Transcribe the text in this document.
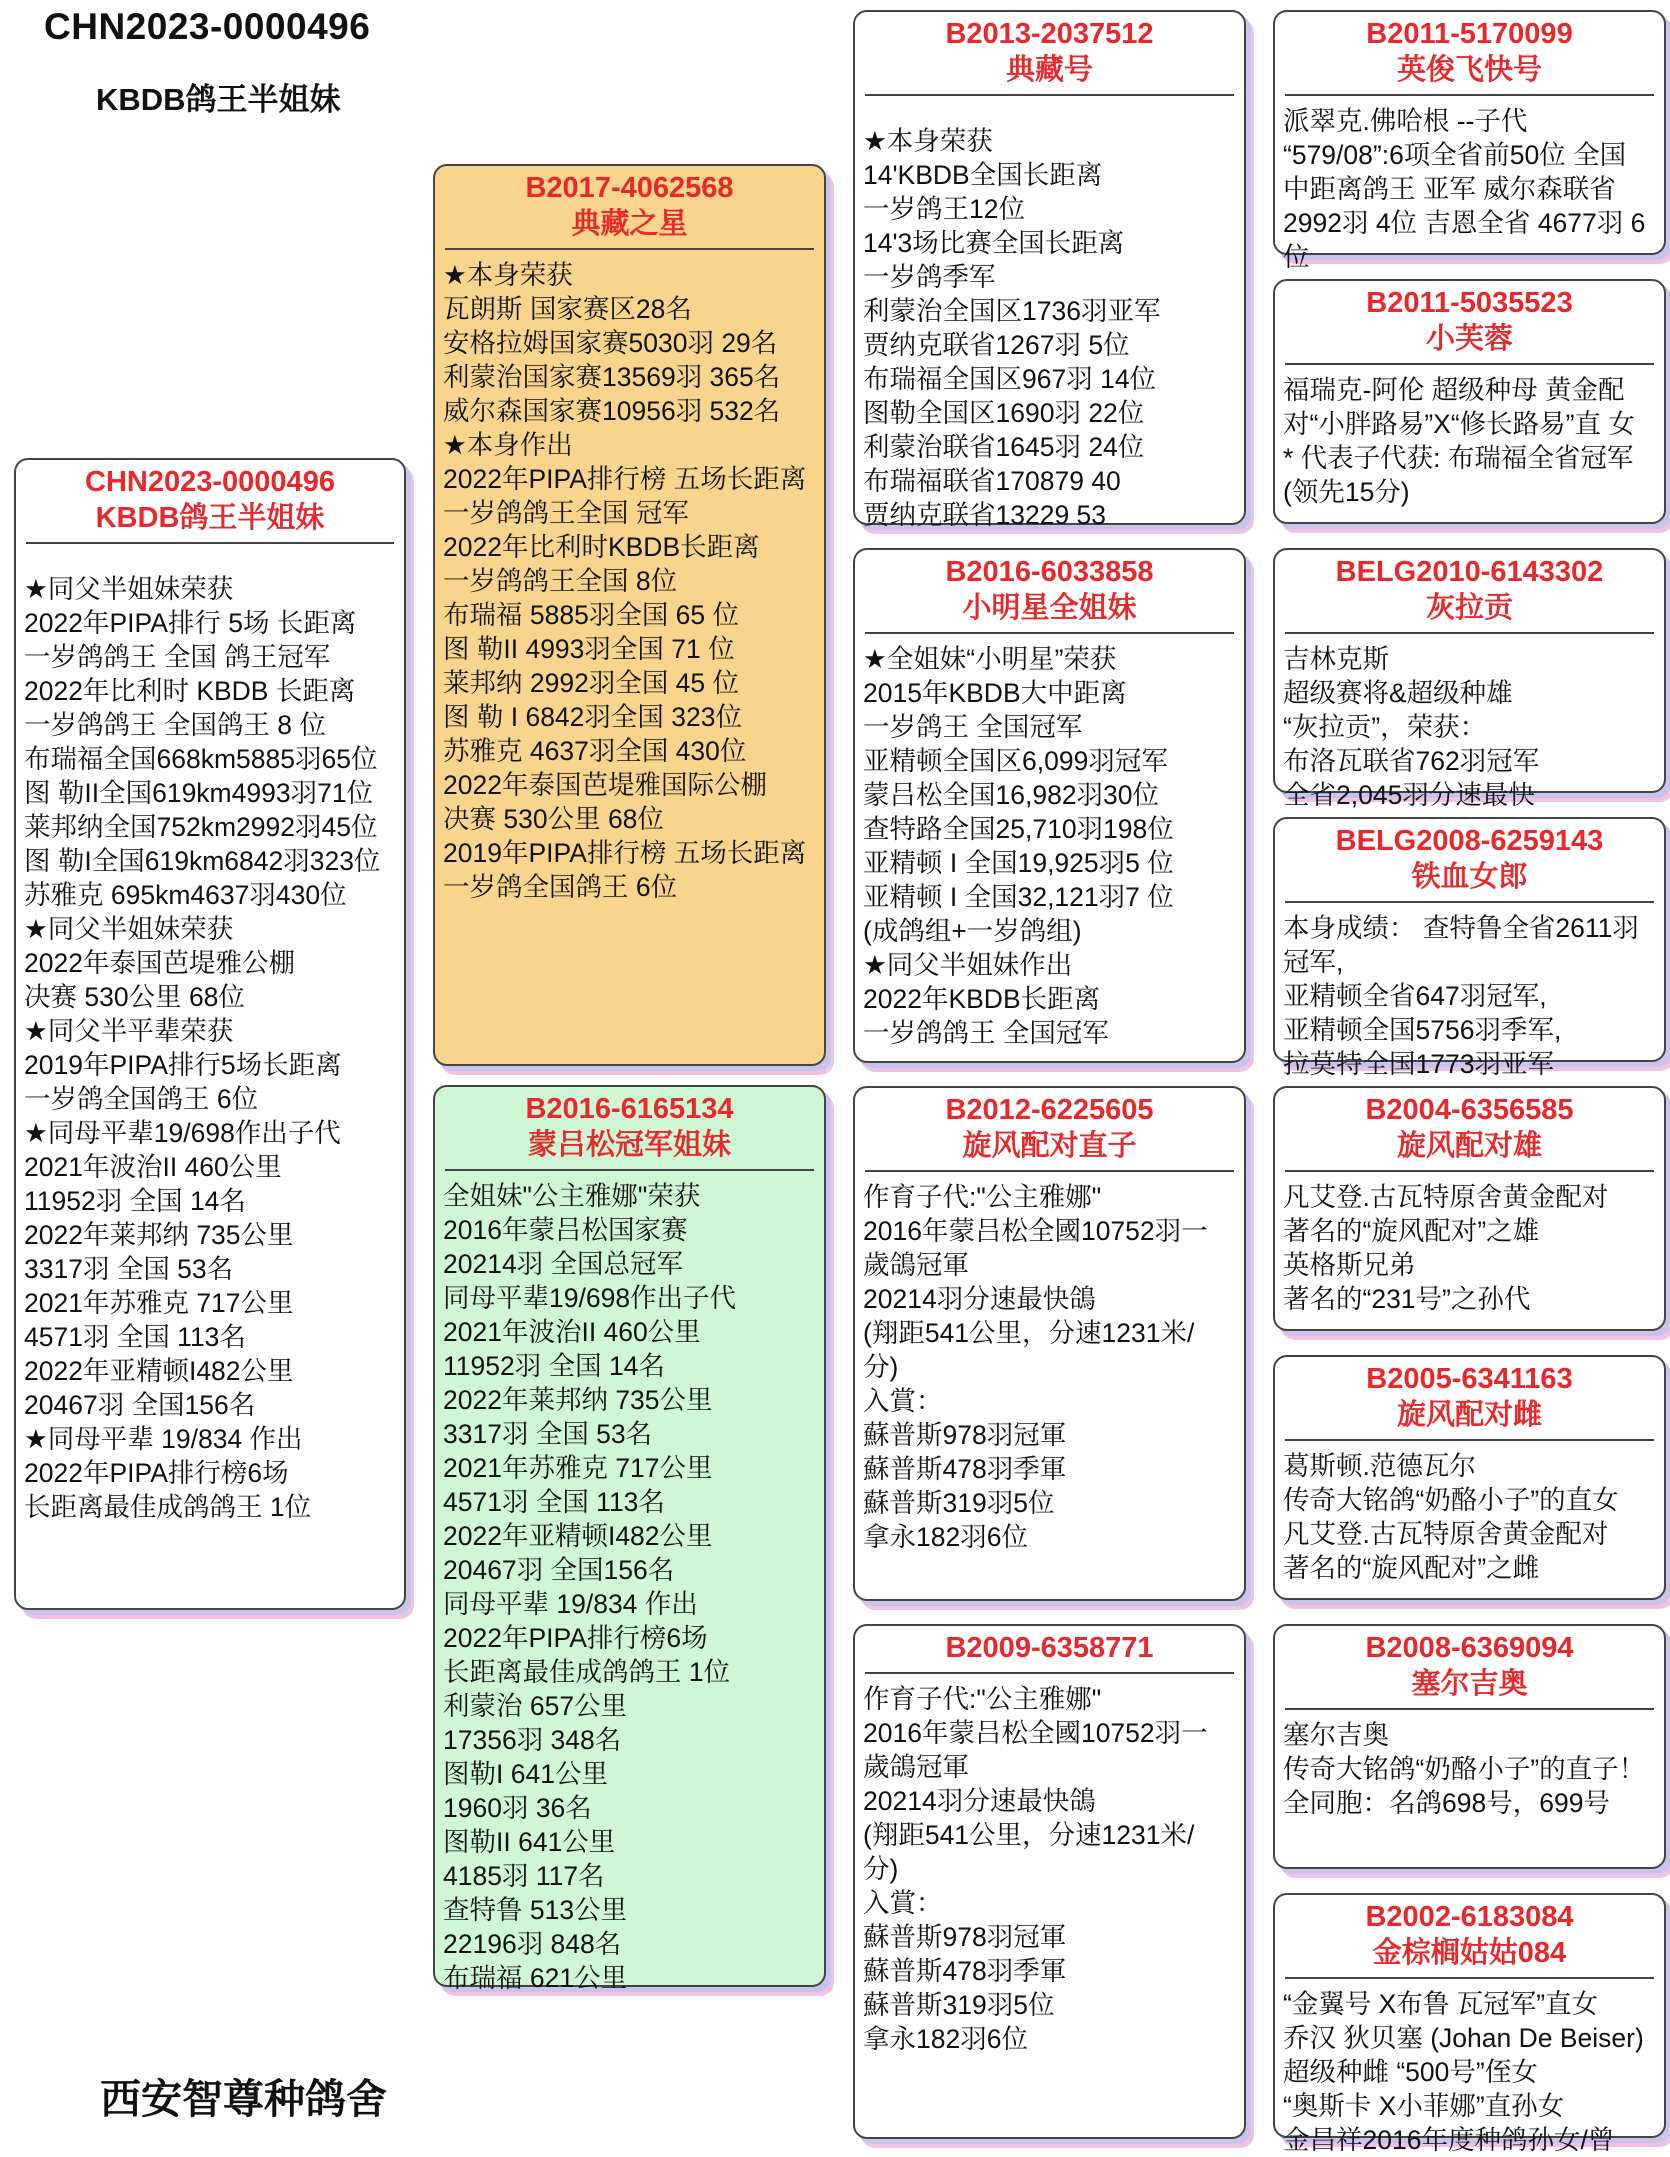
CHN2023-0000496
KBDB鸽王半姐妹
CHN2023-0000496
KBDB鸽王半姐妹
★同父半姐妹荣获
2022年PIPA排行 5场 长距离
一岁鸽鸽王 全国 鸽王冠军
2022年比利时 KBDB 长距离
一岁鸽鸽王 全国鸽王 8 位
布瑞福全国668km5885羽65位
图 勒II全国619km4993羽71位
莱邦纳全国752km2992羽45位
图 勒I全国619km6842羽323位
苏雅克 695km4637羽430位
★同父半姐妹荣获
2022年泰国芭堤雅公棚
决赛 530公里 68位
★同父半平辈荣获
2019年PIPA排行5场长距离
一岁鸽全国鸽王 6位
★同母平辈19/698作出子代
2021年波治II 460公里
11952羽 全国 14名
2022年莱邦纳 735公里
3317羽 全国 53名
2021年苏雅克 717公里
4571羽 全国 113名
2022年亚精顿I482公里
20467羽 全国156名
★同母平辈 19/834 作出
2022年PIPA排行榜6场
长距离最佳成鸽鸽王 1位
B2017-4062568
典藏之星
★本身荣获
瓦朗斯 国家赛区28名
安格拉姆国家赛5030羽 29名
利蒙治国家赛13569羽 365名
威尔森国家赛10956羽 532名
★本身作出
2022年PIPA排行榜 五场长距离
一岁鸽鸽王全国 冠军
2022年比利时KBDB长距离
一岁鸽鸽王全国 8位
布瑞福 5885羽全国 65 位
图 勒II 4993羽全国 71 位
莱邦纳 2992羽全国 45 位
图 勒 I 6842羽全国 323位
苏雅克 4637羽全国 430位
2022年泰国芭堤雅国际公棚
决赛 530公里 68位
2019年PIPA排行榜 五场长距离
一岁鸽全国鸽王 6位
B2016-6165134
蒙吕松冠军姐妹
全姐妹"公主雅娜"荣获
2016年蒙吕松国家赛
20214羽 全国总冠军
同母平辈19/698作出子代
2021年波治II 460公里
11952羽 全国 14名
2022年莱邦纳 735公里
3317羽 全国 53名
2021年苏雅克 717公里
4571羽 全国 113名
2022年亚精顿I482公里
20467羽 全国156名
同母平辈 19/834 作出
2022年PIPA排行榜6场
长距离最佳成鸽鸽王 1位
利蒙治 657公里
17356羽 348名
图勒I 641公里
1960羽 36名
图勒II 641公里
4185羽 117名
查特鲁 513公里
22196羽 848名
布瑞福 621公里
B2013-2037512
典藏号
★本身荣获
14'KBDB全国长距离
一岁鸽王12位
14'3场比赛全国长距离
一岁鸽季军
利蒙治全国区1736羽亚军
贾纳克联省1267羽 5位
布瑞福全国区967羽 14位
图勒全国区1690羽 22位
利蒙治联省1645羽 24位
布瑞福联省170879 40
贾纳克联省13229 53
B2016-6033858
小明星全姐妹
★全姐妹“小明星”荣获
2015年KBDB大中距离
一岁鸽王 全国冠军
亚精顿全国区6,099羽冠军
蒙吕松全国16,982羽30位
查特路全国25,710羽198位
亚精顿 I 全国19,925羽5 位
亚精顿 I 全国32,121羽7 位
(成鸽组+一岁鸽组)
★同父半姐妹作出
2022年KBDB长距离
一岁鸽鸽王 全国冠军
B2012-6225605
旋风配对直子
作育子代:"公主雅娜"
2016年蒙吕松全國10752羽一
歲鴿冠軍
20214羽分速最快鴿
(翔距541公里，分速1231米/
分)
入賞：
蘇普斯978羽冠軍
蘇普斯478羽季軍
蘇普斯319羽5位
拿永182羽6位
B2009-6358771
作育子代:"公主雅娜"
2016年蒙吕松全國10752羽一
歲鴿冠軍
20214羽分速最快鴿
(翔距541公里，分速1231米/
分)
入賞：
蘇普斯978羽冠軍
蘇普斯478羽季軍
蘇普斯319羽5位
拿永182羽6位
B2011-5170099
英俊飞快号
派翠克.佛哈根 --子代
“579/08”:6项全省前50位 全国
中距离鸽王 亚军 威尔森联省
2992羽 4位 吉恩全省 4677羽 6
位
B2011-5035523
小芙蓉
福瑞克-阿伦 超级种母 黄金配
对“小胖路易”X“修长路易”直 女
* 代表子代获: 布瑞福全省冠军
(领先15分)
BELG2010-6143302
灰拉贡
吉林克斯
超级赛将&超级种雄
“灰拉贡”，荣获：
布洛瓦联省762羽冠军
全省2,045羽分速最快
BELG2008-6259143
铁血女郎
本身成绩： 查特鲁全省2611羽
冠军,
亚精顿全省647羽冠军,
亚精顿全国5756羽季军,
拉莫特全国1773羽亚军
B2004-6356585
旋风配对雄
凡艾登.古瓦特原舍黄金配对
著名的“旋风配对”之雄
英格斯兄弟
著名的“231号”之孙代
B2005-6341163
旋风配对雌
葛斯顿.范德瓦尔
传奇大铭鸽“奶酪小子”的直女
凡艾登.古瓦特原舍黄金配对
著名的“旋风配对”之雌
B2008-6369094
塞尔吉奥
塞尔吉奥
传奇大铭鸽“奶酪小子”的直子！
全同胞：名鸽698号，699号
B2002-6183084
金棕榈姑姑084
“金翼号 X布鲁 瓦冠军”直女
乔汉 狄贝塞 (Johan De Beiser)
超级种雌 “500号”侄女
“奥斯卡 X小菲娜”直孙女
金昌祥2016年度种鸽孙女/曾
西安智尊种鸽舍
